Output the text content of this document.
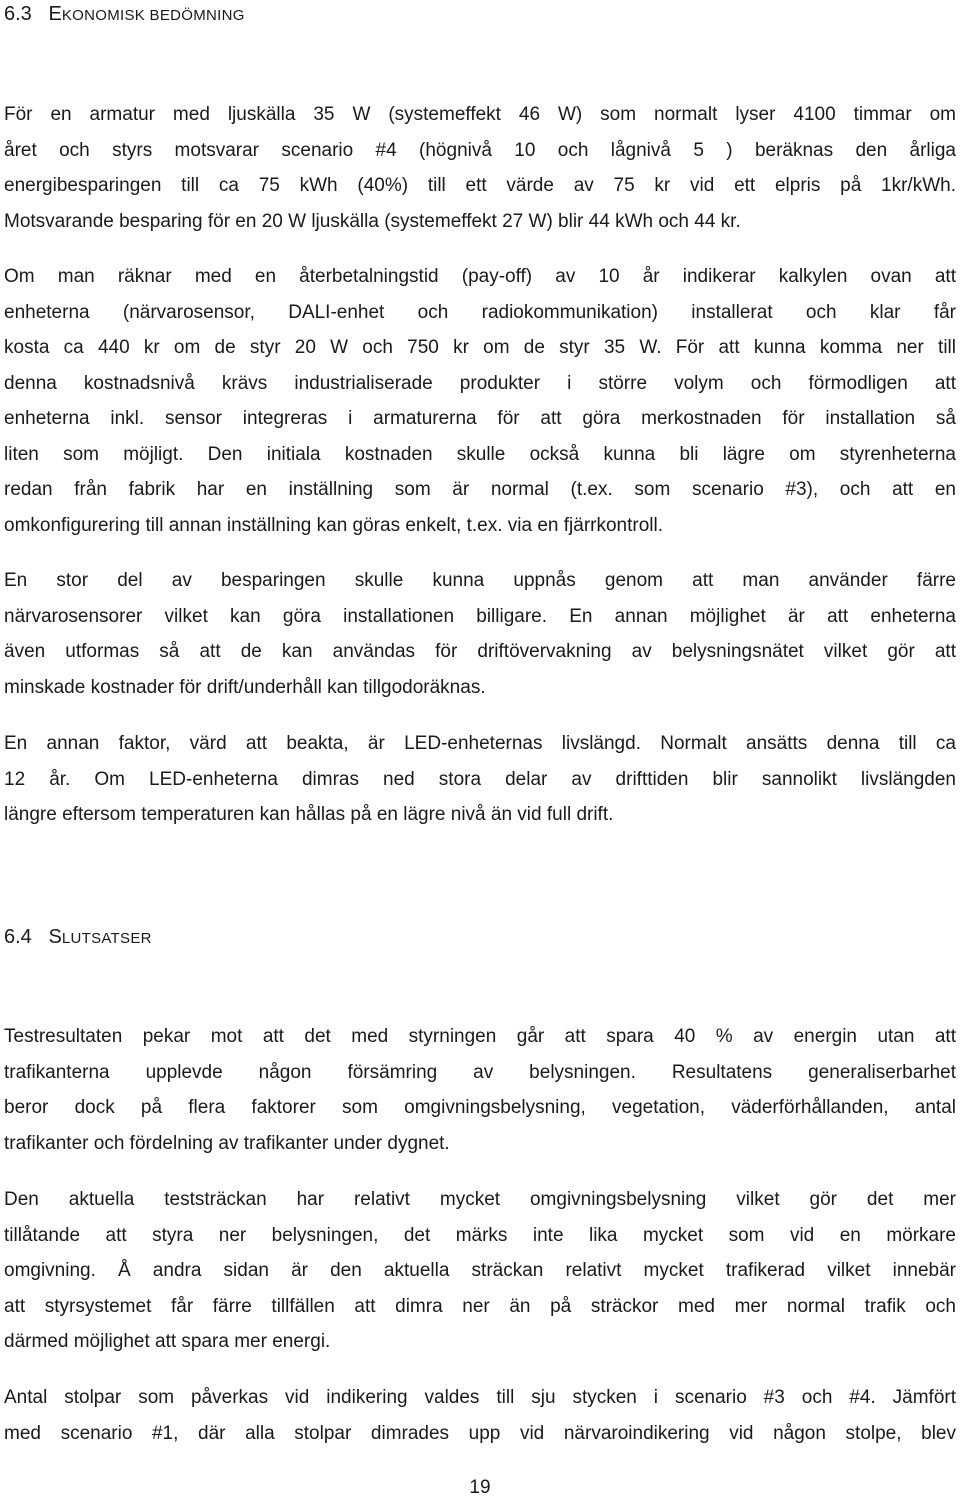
6.3 EKONOMISK BEDÖMNING
För en armatur med ljuskälla 35 W (systemeffekt 46 W) som normalt lyser 4100 timmar om
året och styrs motsvarar scenario #4 (högnivå 10 och lågnivå 5 ) beräknas den årliga
energibesparingen till ca 75 kWh (40%) till ett värde av 75 kr vid ett elpris på 1kr/kWh.
Motsvarande besparing för en 20 W ljuskälla (systemeffekt 27 W) blir 44 kWh och 44 kr.
Om man räknar med en återbetalningstid (pay-off) av 10 år indikerar kalkylen ovan att
enheterna (närvarosensor, DALI-enhet och radiokommunikation) installerat och klar får
kosta ca 440 kr om de styr 20 W och 750 kr om de styr 35 W. För att kunna komma ner till
denna kostnadsnivå krävs industrialiserade produkter i större volym och förmodligen att
enheterna inkl. sensor integreras i armaturerna för att göra merkostnaden för installation så
liten som möjligt. Den initiala kostnaden skulle också kunna bli lägre om styrenheterna
redan från fabrik har en inställning som är normal (t.ex. som scenario #3), och att en
omkonfigurering till annan inställning kan göras enkelt, t.ex. via en fjärrkontroll.
En stor del av besparingen skulle kunna uppnås genom att man använder färre
närvarosensorer vilket kan göra installationen billigare. En annan möjlighet är att enheterna
även utformas så att de kan användas för driftövervakning av belysningsnätet vilket gör att
minskade kostnader för drift/underhåll kan tillgodoräknas.
En annan faktor, värd att beakta, är LED-enheternas livslängd. Normalt ansätts denna till ca
12 år. Om LED-enheterna dimras ned stora delar av drifttiden blir sannolikt livslängden
längre eftersom temperaturen kan hållas på en lägre nivå än vid full drift.
6.4 SLUTSATSER
Testresultaten pekar mot att det med styrningen går att spara 40 % av energin utan att
trafikanterna upplevde någon försämring av belysningen. Resultatens generaliserbarhet
beror dock på flera faktorer som omgivningsbelysning, vegetation, väderförhållanden, antal
trafikanter och fördelning av trafikanter under dygnet.
Den aktuella teststräckan har relativt mycket omgivningsbelysning vilket gör det mer
tillåtande att styra ner belysningen, det märks inte lika mycket som vid en mörkare
omgivning. Å andra sidan är den aktuella sträckan relativt mycket trafikerad vilket innebär
att styrsystemet får färre tillfällen att dimra ner än på sträckor med mer normal trafik och
därmed möjlighet att spara mer energi.
Antal stolpar som påverkas vid indikering valdes till sju stycken i scenario #3 och #4. Jämfört
med scenario #1, där alla stolpar dimrades upp vid närvaroindikering vid någon stolpe, blev
19
